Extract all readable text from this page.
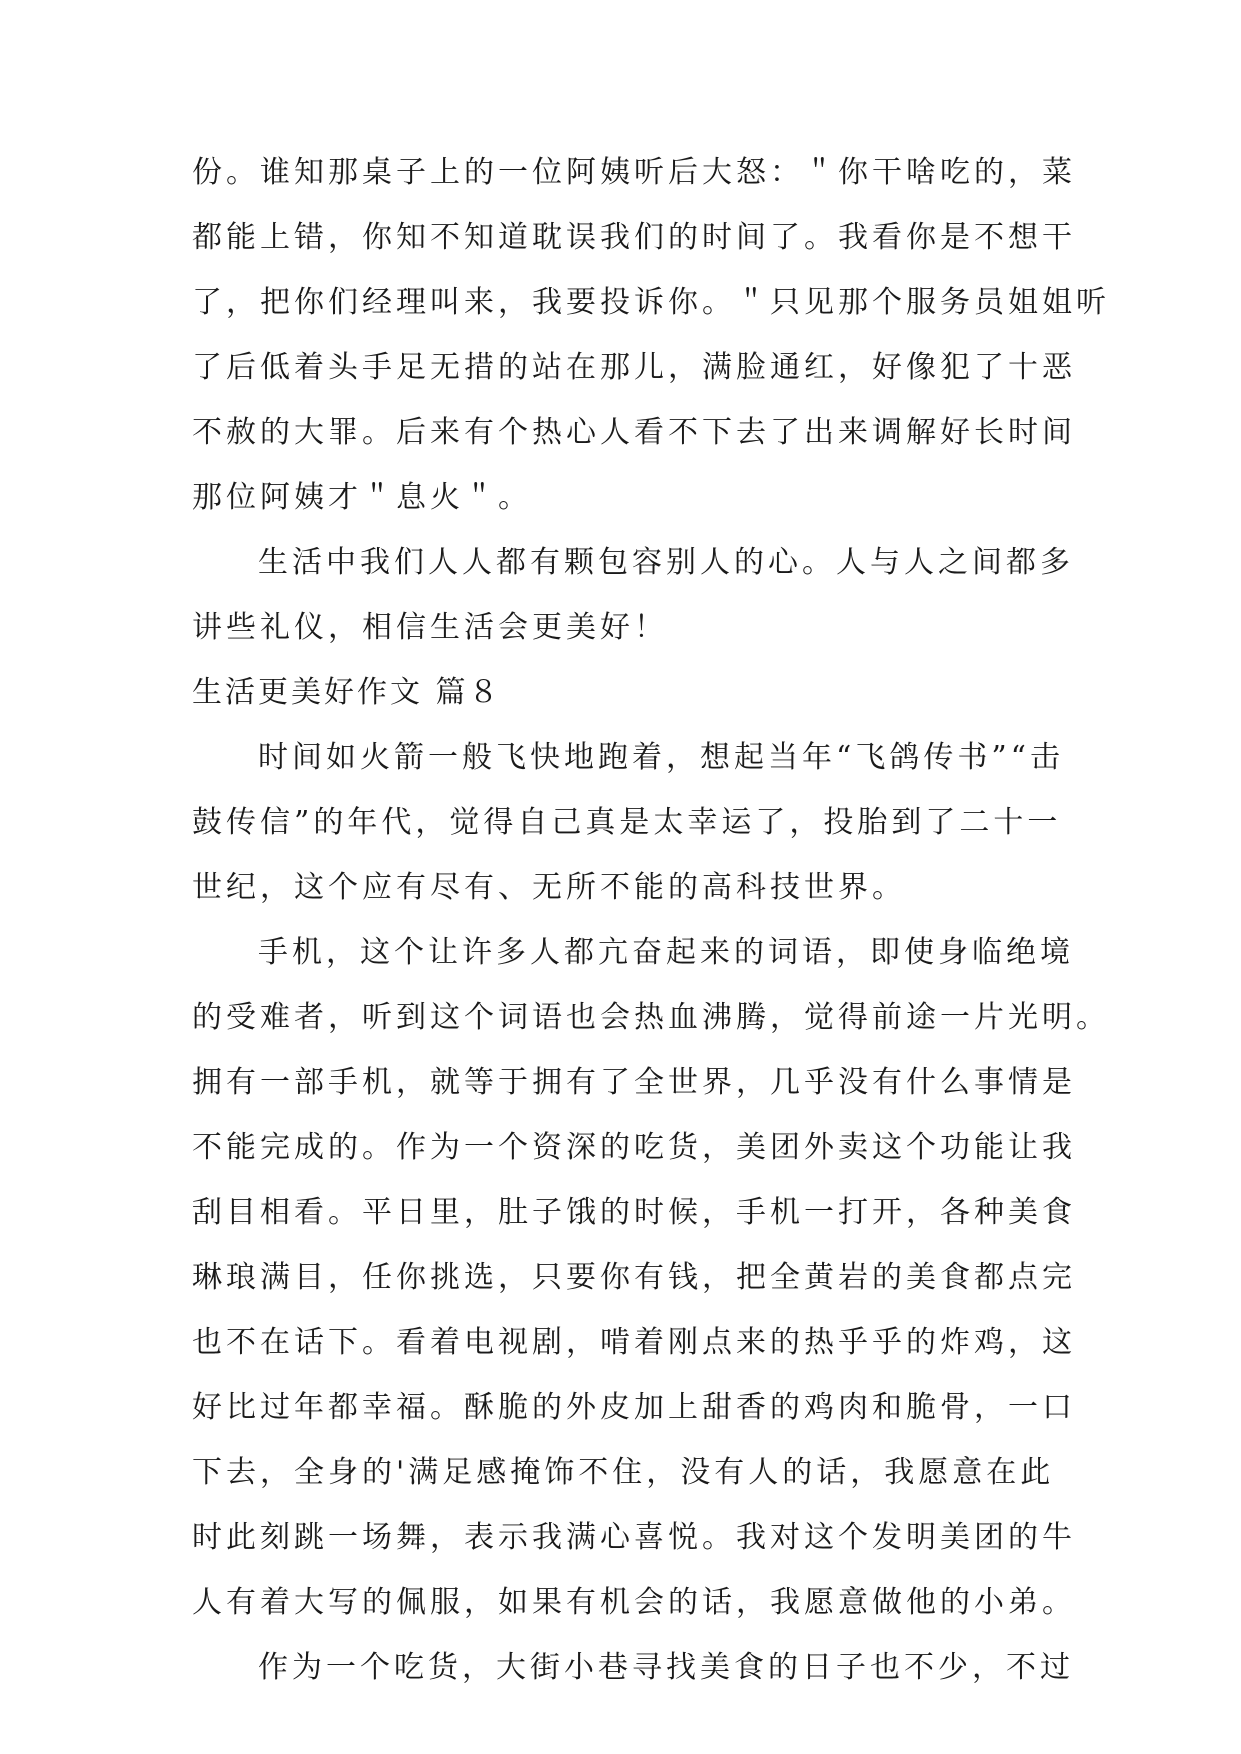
份。谁知那桌子上的一位阿姨听后大怒：＂你干啥吃的，菜
都能上错，你知不知道耽误我们的时间了。我看你是不想干
了，把你们经理叫来，我要投诉你。＂只见那个服务员姐姐听
了后低着头手足无措的站在那儿，满脸通红，好像犯了十恶
不赦的大罪。后来有个热心人看不下去了出来调解好长时间
那位阿姨才＂息火＂。
生活中我们人人都有颗包容别人的心。人与人之间都多
讲些礼仪，相信生活会更美好！
生活更美好作文 篇８
时间如火箭一般飞快地跑着，想起当年“飞鸽传书”“击
鼓传信”的年代，觉得自己真是太幸运了，投胎到了二十一
世纪，这个应有尽有、无所不能的高科技世界。
手机，这个让许多人都亢奋起来的词语，即使身临绝境
的受难者，听到这个词语也会热血沸腾，觉得前途一片光明。
拥有一部手机，就等于拥有了全世界，几乎没有什么事情是
不能完成的。作为一个资深的吃货，美团外卖这个功能让我
刮目相看。平日里，肚子饿的时候，手机一打开，各种美食
琳琅满目，任你挑选，只要你有钱，把全黄岩的美食都点完
也不在话下。看着电视剧，啃着刚点来的热乎乎的炸鸡，这
好比过年都幸福。酥脆的外皮加上甜香的鸡肉和脆骨，一口
下去，全身的'满足感掩饰不住，没有人的话，我愿意在此
时此刻跳一场舞，表示我满心喜悦。我对这个发明美团的牛
人有着大写的佩服，如果有机会的话，我愿意做他的小弟。
作为一个吃货，大街小巷寻找美食的日子也不少，不过
